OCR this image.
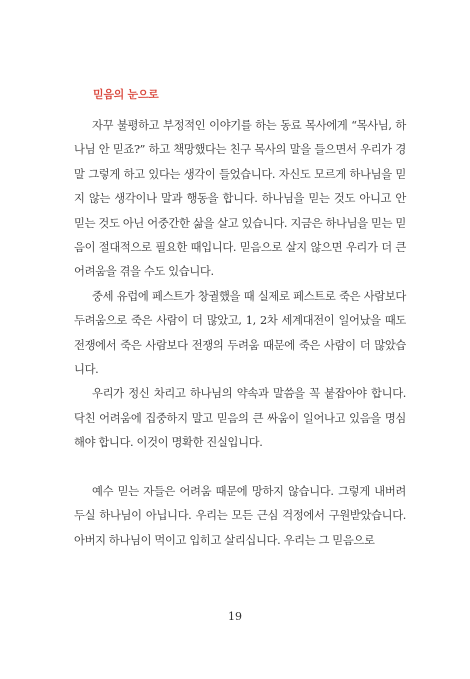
믿음의 눈으로

자꾸 불평하고 부정적인 이야기를 하는 동료 목사에게 “목사님, 하나님 안 믿죠?” 하고 책망했다는 친구 목사의 말을 들으면서 우리가 경말 그렇게 하고 있다는 생각이 들었습니다. 자신도 모르게 하나님을 믿지 않는 생각이나 말과 행동을 합니다. 하나님을 믿는 것도 아니고 안 믿는 것도 아닌 어중간한 삶을 살고 있습니다. 지금은 하나님을 믿는 믿음이 절대적으로 필요한 때입니다. 믿음으로 살지 않으면 우리가 더 큰 어려움을 겪을 수도 있습니다.

중세 유럽에 페스트가 창궐했을 때 실제로 페스트로 죽은 사람보다 두려움으로 죽은 사람이 더 많았고, 1, 2차 세계대전이 일어났을 때도 전쟁에서 죽은 사람보다 전쟁의 두려움 때문에 죽은 사람이 더 많았습니다.

우리가 정신 차리고 하나님의 약속과 말씀을 꼭 붙잡아야 합니다. 닥친 어려움에 집중하지 말고 믿음의 큰 싸움이 일어나고 있음을 명심해야 합니다. 이것이 명확한 진실입니다.

예수 믿는 자들은 어려움 때문에 망하지 않습니다. 그렇게 내버려 두실 하나님이 아닙니다. 우리는 모든 근심 걱정에서 구원받았습니다. 아버지 하나님이 먹이고 입히고 살리십니다. 우리는 그 믿음으로

19
